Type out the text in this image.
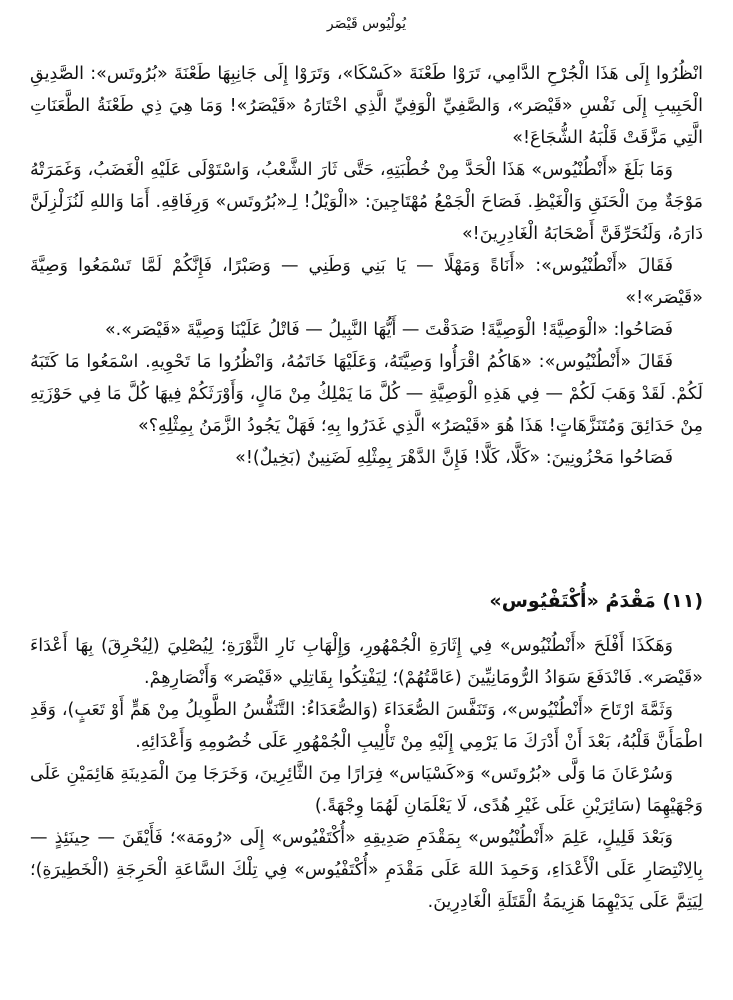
يُولْيُوس قَيْصَر

انْظُرُوا إِلَى هَذَا الْجُرْحِ الدَّامِي، تَرَوْا طَعْنَةَ «كَسْكَا»، وَتَرَوْا إِلَى جَانِبِهَا طَعْنَةَ «بُرُوتَس»: الصَّدِيقِ الْحَبِيبِ إِلَى نَفْسِ «قَيْصَر»، وَالصَّفِيِّ الْوَفِيِّ الَّذِي اخْتَارَهُ «قَيْصَرُ»! وَمَا هِيَ ذِي طَعْنَةُ الطَّعَنَاتِ الَّتِي مَزَّقَتْ قَلْبَهُ الشُّجَاعَ!»

وَمَا بَلَغَ «أَنْطُنْيُوس» هَذَا الْحَدَّ مِنْ خُطْبَتِهِ، حَتَّى ثَارَ الشَّعْبُ، وَاسْتَوْلَى عَلَيْهِ الْغَضَبُ، وَغَمَرَتْهُ مَوْجَةٌ مِنَ الْحَنَقِ وَالْغَيْظِ. فَصَاحَ الْجَمْعُ مُهْتَاجِينَ: «الْوَيْلُ! لِـ«بُرُوتَس» وَرِفَاقِهِ. أَمَا وَاللهِ لَنُزَلْزِلَنَّ دَارَهُ، وَلَنُحَرِّقَنَّ أَصْحَابَهُ الْغَادِرِينَ!»

فَقَالَ «أَنْطُنْيُوس»: «أَنَاةً وَمَهْلًا — يَا بَنِي وَطَنِي — وَصَبْرًا، فَإِنَّكُمْ لَمَّا تَسْمَعُوا وَصِيَّةَ «قَيْصَر»!»

فَصَاحُوا: «الْوَصِيَّةَ! الْوَصِيَّةَ! صَدَقْتَ — أَيُّهَا النَّبِيلُ — فَاتْلُ عَلَيْنَا وَصِيَّةَ «قَيْصَر».»

فَقَالَ «أَنْطُنْيُوس»: «هَاكُمُ اقْرَأُوا وَصِيَّتَهُ، وَعَلَيْهَا خَاتَمُهُ، وَانْظُرُوا مَا تَحْوِيهِ. اسْمَعُوا مَا كَتَبَهُ لَكُمْ. لَقَدْ وَهَبَ لَكُمْ — فِي هَذِهِ الْوَصِيَّةِ — كُلَّ مَا يَمْلِكُ مِنْ مَالٍ، وَأَوْرَثَكُمْ فِيهَا كُلَّ مَا فِي حَوْزَتِهِ مِنْ حَدَائِقَ وَمُتَنَزَّهَاتٍ! هَذَا هُوَ «قَيْصَرُ» الَّذِي غَدَرُوا بِهِ؛ فَهَلْ يَجُودُ الزَّمَنُ بِمِثْلِهِ؟»

فَصَاحُوا مَحْزُونِينَ: «كَلَّا، كَلَّا! فَإِنَّ الدَّهْرَ بِمِثْلِهِ لَضَنِينٌ (بَخِيلٌ)!»

(١١) مَقْدَمُ «أُكْتَفْيُوس»

وَهَكَذَا أَفْلَحَ «أَنْطُنْيُوس» فِي إِثَارَةِ الْجُمْهُورِ، وَإِلْهَابِ نَارِ الثَّوْرَةِ؛ لِيُصْلِيَ (لِيُحْرِقَ) بِهَا أَعْدَاءَ «قَيْصَر». فَانْدَفَعَ سَوَادُ الرُّومَانِيِّينَ (عَامَّتُهُمْ)؛ لِيَفْتِكُوا بِقَاتِلِي «قَيْصَر» وَأَنْصَارِهِمْ.

وَثَمَّةَ ارْتَاحَ «أَنْطُنْيُوس»، وَتَنَفَّسَ الصُّعَدَاءَ (وَالصُّعَدَاءُ: التَّنَفُّسُ الطَّوِيلُ مِنْ هَمٍّ أَوْ تَعَبٍ)، وَقَدِ اطْمَأَنَّ قَلْبُهُ، بَعْدَ أَنْ أَدْرَكَ مَا يَرْمِي إِلَيْهِ مِنْ تَأْلِيبِ الْجُمْهُورِ عَلَى خُصُومِهِ وَأَعْدَائِهِ.

وَسُرْعَانَ مَا وَلَّى «بُرُوتَس» وَ«كَسْيَاس» فِرَارًا مِنَ الثَّائِرِينَ، وَخَرَجَا مِنَ الْمَدِينَةِ هَائِمَيْنِ عَلَى وَجْهَيْهِمَا (سَائِرَيْنِ عَلَى غَيْرِ هُدًى، لَا يَعْلَمَانِ لَهُمَا وِجْهَةً.)

وَبَعْدَ قَلِيلٍ، عَلِمَ «أَنْطُنْيُوس» بِمَقْدَمِ صَدِيقِهِ «أُكْتَفْيُوس» إِلَى «رُومَة»؛ فَأَيْقَنَ — حِينَئِذٍ — بِالِانْتِصَارِ عَلَى الْأَعْدَاءِ، وَحَمِدَ اللهَ عَلَى مَقْدَمِ «أُكْتَفْيُوس» فِي تِلْكَ السَّاعَةِ الْحَرِجَةِ (الْخَطِيرَةِ)؛ لِيَتِمَّ عَلَى يَدَيْهِمَا هَزِيمَةُ الْقَتَلَةِ الْغَادِرِينَ.
